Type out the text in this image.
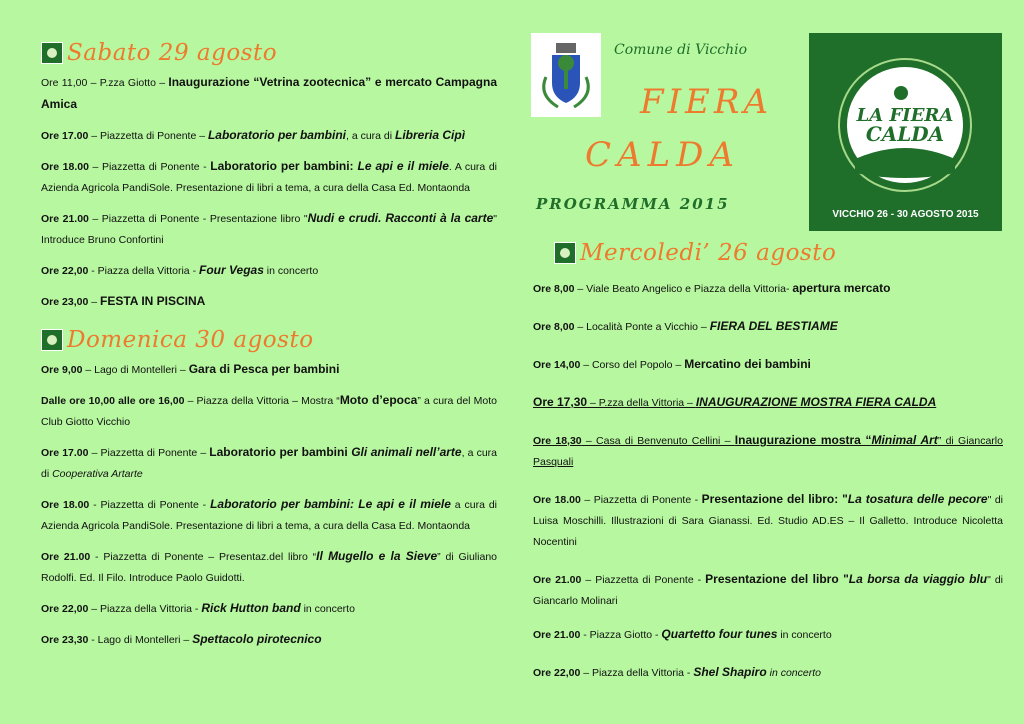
Sabato 29 agosto

Ore 11,00 – P.zza Giotto – Inaugurazione “Vetrina zootecnica” e mercato Campagna Amica

Ore 17.00 – Piazzetta di Ponente – Laboratorio per bambini, a cura di Libreria Cipì

Ore 18.00 – Piazzetta di Ponente - Laboratorio per bambini: Le api e il miele. A cura di Azienda Agricola PandiSole. Presentazione di libri a tema, a cura della Casa Ed. Montaonda

Ore 21.00 – Piazzetta di Ponente - Presentazione libro "Nudi e crudi. Racconti à la carte" Introduce Bruno Confortini

Ore 22,00 - Piazza della Vittoria - Four Vegas in concerto

Ore 23,00 – FESTA IN PISCINA

Domenica 30 agosto

Ore 9,00 – Lago di Montelleri – Gara di Pesca per bambini

Dalle ore 10,00 alle ore 16,00 – Piazza della Vittoria – Mostra “Moto d’epoca” a cura del Moto Club Giotto Vicchio

Ore 17.00 – Piazzetta di Ponente – Laboratorio per bambini Gli animali nell’arte, a cura di Cooperativa Artarte

Ore 18.00 - Piazzetta di Ponente - Laboratorio per bambini: Le api e il miele a cura di Azienda Agricola PandiSole. Presentazione di libri a tema, a cura della Casa Ed. Montaonda

Ore 21.00 - Piazzetta di Ponente – Presentaz.del libro “Il Mugello e la Sieve” di Giuliano Rodolfi. Ed. Il Filo. Introduce Paolo Guidotti.

Ore 22,00 – Piazza della Vittoria - Rick Hutton band in concerto

Ore 23,30 - Lago di Montelleri – Spettacolo pirotecnico

Comune di Vicchio
FIERA
CALDA
PROGRAMMA 2015
LA FIERA
CALDA
VICCHIO 26 - 30 AGOSTO 2015
Mercoledi’ 26 agosto

Ore 8,00 – Viale Beato Angelico e Piazza della Vittoria- apertura mercato

Ore 8,00 – Località Ponte a Vicchio – FIERA DEL BESTIAME

Ore 14,00 – Corso del Popolo – Mercatino dei bambini

Ore 17,30 – P.zza della Vittoria – INAUGURAZIONE MOSTRA FIERA CALDA

Ore 18,30 – Casa di Benvenuto Cellini – Inaugurazione mostra “Minimal Art” di Giancarlo Pasquali

Ore 18.00 – Piazzetta di Ponente - Presentazione del libro: "La tosatura delle pecore" di Luisa Moschilli. Illustrazioni di Sara Gianassi. Ed. Studio AD.ES – Il Galletto. Introduce Nicoletta Nocentini

Ore 21.00 – Piazzetta di Ponente - Presentazione del libro "La borsa da viaggio blu" di Giancarlo Molinari

Ore 21.00 - Piazza Giotto - Quartetto four tunes in concerto

Ore 22,00 – Piazza della Vittoria - Shel Shapiro in concerto
